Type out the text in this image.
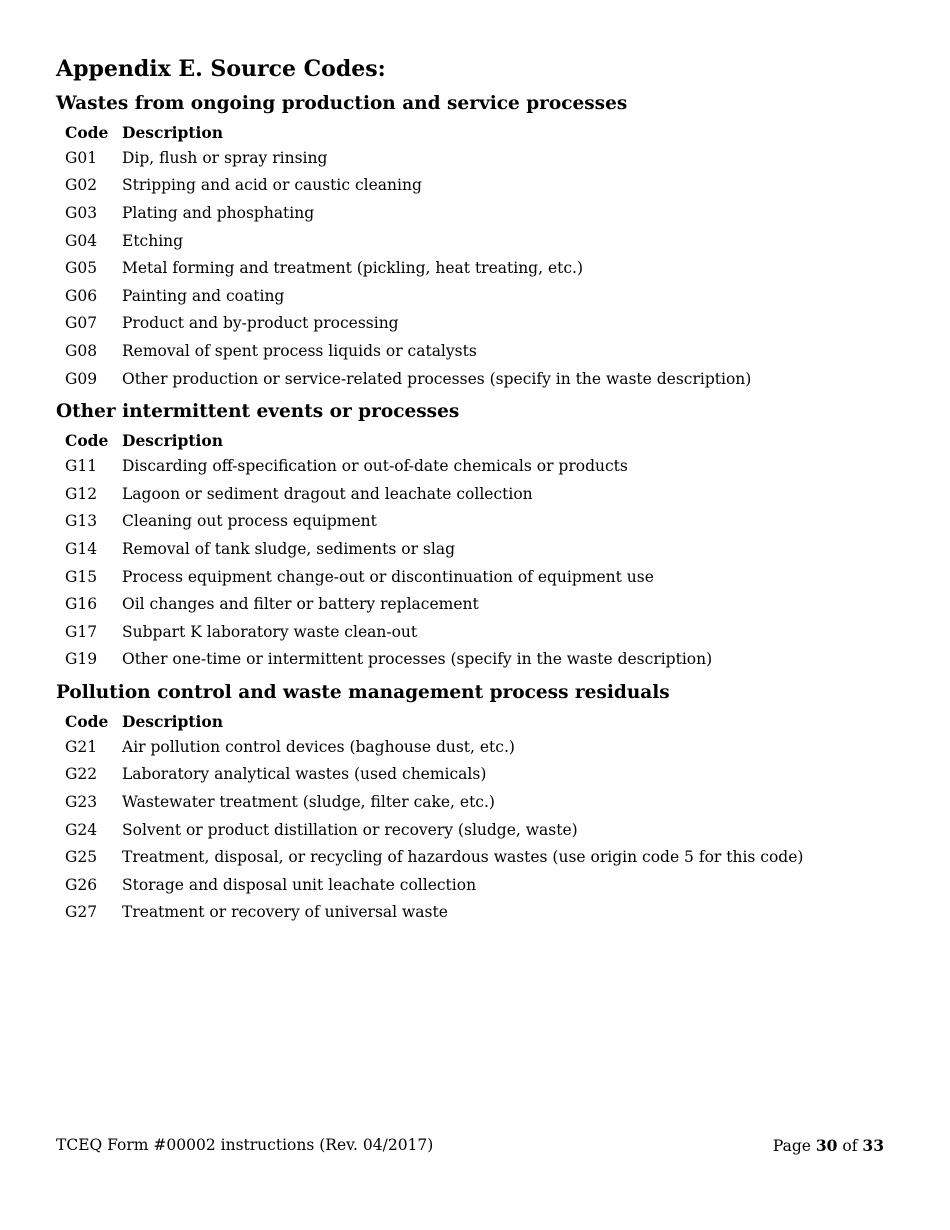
Appendix E. Source Codes:
Wastes from ongoing production and service processes
Code	Description
G01	Dip, flush or spray rinsing
G02	Stripping and acid or caustic cleaning
G03	Plating and phosphating
G04	Etching
G05	Metal forming and treatment (pickling, heat treating, etc.)
G06	Painting and coating
G07	Product and by-product processing
G08	Removal of spent process liquids or catalysts
G09	Other production or service-related processes (specify in the waste description)
Other intermittent events or processes
Code	Description
G11	Discarding off-specification or out-of-date chemicals or products
G12	Lagoon or sediment dragout and leachate collection
G13	Cleaning out process equipment
G14	Removal of tank sludge, sediments or slag
G15	Process equipment change-out or discontinuation of equipment use
G16	Oil changes and filter or battery replacement
G17	Subpart K laboratory waste clean-out
G19	Other one-time or intermittent processes (specify in the waste description)
Pollution control and waste management process residuals
Code	Description
G21	Air pollution control devices (baghouse dust, etc.)
G22	Laboratory analytical wastes (used chemicals)
G23	Wastewater treatment (sludge, filter cake, etc.)
G24	Solvent or product distillation or recovery (sludge, waste)
G25	Treatment, disposal, or recycling of hazardous wastes (use origin code 5 for this code)
G26	Storage and disposal unit leachate collection
G27	Treatment or recovery of universal waste
TCEQ Form #00002 instructions (Rev. 04/2017)	Page 30 of 33
